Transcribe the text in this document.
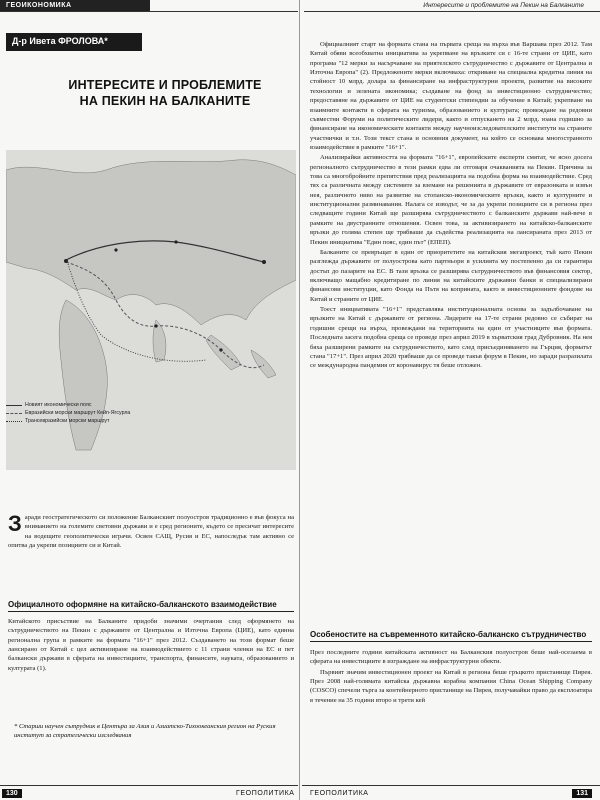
ГЕОИКОНОМИКА
Д-р Ивета ФРОЛОВА*
ИНТЕРЕСИТЕ И ПРОБЛЕМИТЕ
НА ПЕКИН НА БАЛКАНИТЕ
Новият икономически пояс
Евразийски морски маршрут Кейп-Ягсурла
Трансевразийски морски маршрут
З аради геостратегическото си положение Балканският полуостров традиционно е във фокуса на вниманието на големите световни държави и е сред регионите, където се пресичат интересите на водещите геополитически играчи. Освен САЩ, Русия и ЕС, напоследък там активно се опитва да укрепи позициите си и Китай.
Официалното оформяне на китайско-балканското взаимодействие

Китайското присъствие на Балканите придоби значими очертания след оформянето на сътрудничеството на Пекин с държавите от Централна и Източна Европа (ЦИЕ), като единна регионална група в рамките на формата "16+1" през 2012. Създаването на този формат беше лансирано от Китай с цел активизиране на взаимодействието с 11 страни членки на ЕС и пет балкански държави в сферата на инвестициите, транспорта, финансите, науката, образованието и културата (1).

* Старши научен сътрудник в Центъра за Азия и Азиатско-Тихоокеанския регион на Руския институт за стратегически изследвания
130	ГЕОПОЛИТИКА
Интересите и проблемите на Пекин на Балканите

Официалният старт на формата стана на първата среща на върха във Варшава през 2012. Там Китай обяви всеобхватна инициатива за укрепване на връзките си с 16-те страни от ЦИЕ, като програма "12 мерки за насърчаване на приятелското сътрудничество с държавите от Централна и Източна Европа" (2). Предложените мерки включваха: откриване на специална кредитна линия на стойност 10 млрд. долара за финансиране на инфраструктурни проекти, развитие на високите технологии и зелената икономика; създаване на фонд за инвестиционно сътрудничество; предоставяне на държавите от ЦИЕ на студентски стипендии за обучение в Китай; укрепване на взаимните контакти в сферата на туризма, образованието и културата; провеждане на редовни съвместни Форуми на политическите лидери, както и отпускането на 2 млрд. юана годишно за финансиране на икономическите контакти между научноизследователските институти на страните участнички и т.н. Този текст стана и основния документ, на който се основава многостранното взаимодействие в рамките "16+1".

Анализирайки активността на формата "16+1", европейските експерти смятат, че ясно досега регионалното сътрудничество в тези рамки едва ли отговаря очакванията на Пекин. Причина за това са многобройните препятствия пред реализацията на подобна форма на взаимодействие. Сред тях са различната между системите за вземане на решенията в държавите от евразонката и извън нея, различното ниво на развитие на стопанско-икономическите връзки, както и културните и институционални разминавания. Налага се изводът, че за да укрепи позициите си в региона през следващите години Китай ще разширява сътрудничеството с балканските държави най-вече в рамките на двустранните отношения. Освен това, за активизирането на китайско-балканските връзки до голяма степен ще трябваше да съдейства реализацията на лансираната през 2013 от Пекин инициатива "Един пояс, един път" (ЕПЕП).

Балканите се превръщат в един от приоритетите на китайския мегапроект, тъй като Пекин разглежда държавите от полуострова като партньори в усилията му постепенно да си гарантира достъп до пазарите на ЕС. В тази връзка се разширява сътрудничеството във финансовия сектор, включващо мащабно кредитиране по линия на китайските държавни банки и специализирани финансови институции, като Фонда на Пътя на коприната, както и инвестиционните фондове на Китай и страните от ЦИЕ.

Тоест инициативата "16+1" представлява институционалната основа за задълбочаване на връзките на Китай с държавите от региона. Лидерите на 17-те страни редовно се събират на годишни срещи на върха, провеждани на територията на един от участниците във формата. Последната засега подобна среща се проведе през април 2019 в хърватския град Дубровник. На нея бяха разширени рамките на сътрудничеството, като след присъединяването на Гърция, форматът стана "17+1". През април 2020 трябваше да се проведе такъв форум в Пекин, но заради разразилата се международна пандемия от коронавирус тя беше отложен.

Особеностите на съвременното китайско-балканско сътрудничество

През последните години китайската активност на Балканския полуостров беше най-осезаема в сферата на инвестициите в изграждане на инфраструктурни обекти.

Първият значим инвестиционен проект на Китай в региона беше гръцкото пристанище Пирея. През 2008 най-голямата китайска държавна корабна компания China Ocean Shipping Company (COSCO) спечели търга за контейнерното пристанище на Пирея, получавайки право да експлоатира в течение на 35 години второ и трети кей

ГЕОПОЛИТИКА	131
